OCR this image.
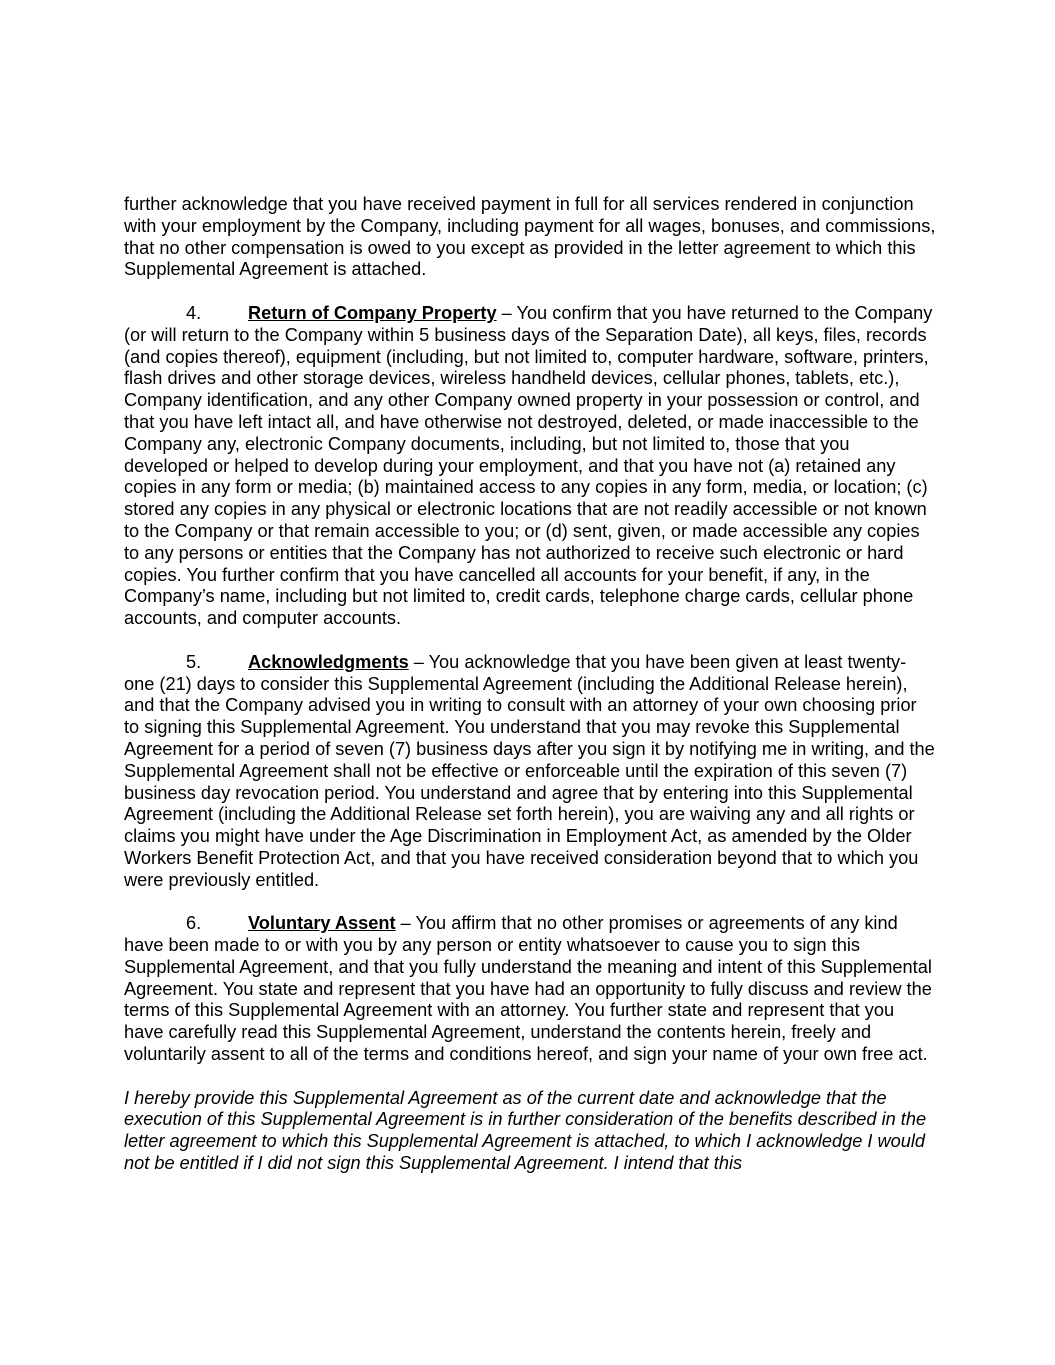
further acknowledge that you have received payment in full for all services rendered in conjunction with your employment by the Company, including payment for all wages, bonuses, and commissions, that no other compensation is owed to you except as provided in the letter agreement to which this Supplemental Agreement is attached.

4.	Return of Company Property – You confirm that you have returned to the Company (or will return to the Company within 5 business days of the Separation Date), all keys, files, records (and copies thereof), equipment (including, but not limited to, computer hardware, software, printers, flash drives and other storage devices, wireless handheld devices, cellular phones, tablets, etc.), Company identification, and any other Company owned property in your possession or control, and that you have left intact all, and have otherwise not destroyed, deleted, or made inaccessible to the Company any, electronic Company documents, including, but not limited to, those that you developed or helped to develop during your employment, and that you have not (a) retained any copies in any form or media; (b) maintained access to any copies in any form, media, or location; (c) stored any copies in any physical or electronic locations that are not readily accessible or not known to the Company or that remain accessible to you; or (d) sent, given, or made accessible any copies to any persons or entities that the Company has not authorized to receive such electronic or hard copies. You further confirm that you have cancelled all accounts for your benefit, if any, in the Company’s name, including but not limited to, credit cards, telephone charge cards, cellular phone accounts, and computer accounts.

5.	Acknowledgments – You acknowledge that you have been given at least twenty-one (21) days to consider this Supplemental Agreement (including the Additional Release herein), and that the Company advised you in writing to consult with an attorney of your own choosing prior to signing this Supplemental Agreement. You understand that you may revoke this Supplemental Agreement for a period of seven (7) business days after you sign it by notifying me in writing, and the Supplemental Agreement shall not be effective or enforceable until the expiration of this seven (7) business day revocation period. You understand and agree that by entering into this Supplemental Agreement (including the Additional Release set forth herein), you are waiving any and all rights or claims you might have under the Age Discrimination in Employment Act, as amended by the Older Workers Benefit Protection Act, and that you have received consideration beyond that to which you were previously entitled.

6.	Voluntary Assent – You affirm that no other promises or agreements of any kind have been made to or with you by any person or entity whatsoever to cause you to sign this Supplemental Agreement, and that you fully understand the meaning and intent of this Supplemental Agreement. You state and represent that you have had an opportunity to fully discuss and review the terms of this Supplemental Agreement with an attorney. You further state and represent that you have carefully read this Supplemental Agreement, understand the contents herein, freely and voluntarily assent to all of the terms and conditions hereof, and sign your name of your own free act.

I hereby provide this Supplemental Agreement as of the current date and acknowledge that the execution of this Supplemental Agreement is in further consideration of the benefits described in the letter agreement to which this Supplemental Agreement is attached, to which I acknowledge I would not be entitled if I did not sign this Supplemental Agreement. I intend that this
